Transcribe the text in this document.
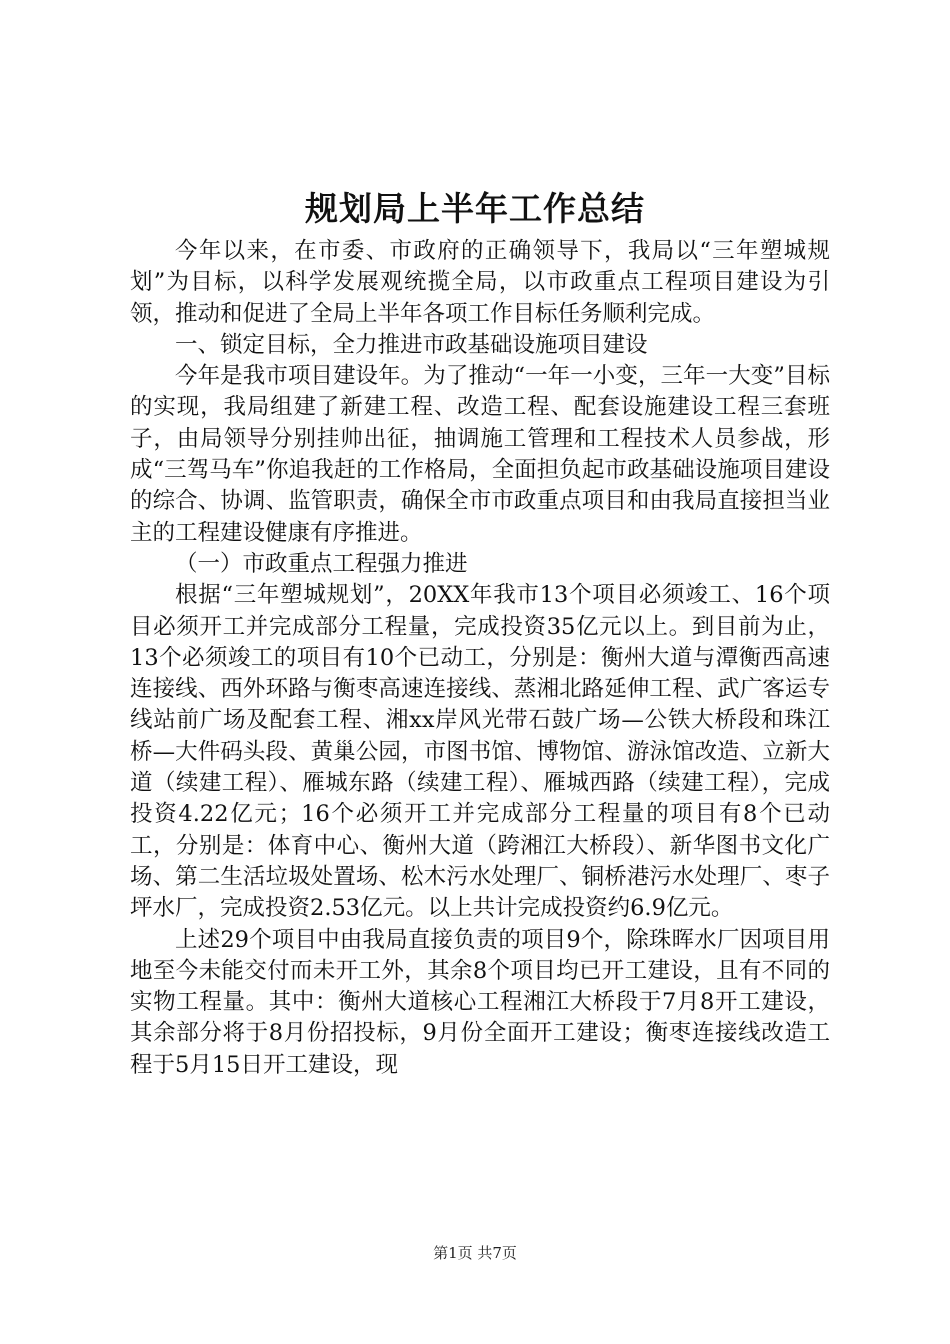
规划局上半年工作总结

今年以来，在市委、市政府的正确领导下，我局以“三年塑城规划”为目标，以科学发展观统揽全局，以市政重点工程项目建设为引领，推动和促进了全局上半年各项工作目标任务顺利完成。

一、锁定目标，全力推进市政基础设施项目建设

今年是我市项目建设年。为了推动“一年一小变，三年一大变”目标的实现，我局组建了新建工程、改造工程、配套设施建设工程三套班子，由局领导分别挂帅出征，抽调施工管理和工程技术人员参战，形成“三驾马车”你追我赶的工作格局，全面担负起市政基础设施项目建设的综合、协调、监管职责，确保全市市政重点项目和由我局直接担当业主的工程建设健康有序推进。

（一）市政重点工程强力推进

根据“三年塑城规划”，20XX年我市13个项目必须竣工、16个项目必须开工并完成部分工程量，完成投资35亿元以上。到目前为止，13个必须竣工的项目有10个已动工，分别是：衡州大道与潭衡西高速连接线、西外环路与衡枣高速连接线、蒸湘北路延伸工程、武广客运专线站前广场及配套工程、湘xx岸风光带石鼓广场—公铁大桥段和珠江桥—大件码头段、黄巢公园，市图书馆、博物馆、游泳馆改造、立新大道（续建工程）、雁城东路（续建工程）、雁城西路（续建工程），完成投资4.22亿元；16个必须开工并完成部分工程量的项目有8个已动工，分别是：体育中心、衡州大道（跨湘江大桥段）、新华图书文化广场、第二生活垃圾处置场、松木污水处理厂、铜桥港污水处理厂、枣子坪水厂，完成投资2.53亿元。以上共计完成投资约6.9亿元。

上述29个项目中由我局直接负责的项目9个，除珠晖水厂因项目用地至今未能交付而未开工外，其余8个项目均已开工建设，且有不同的实物工程量。其中：衡州大道核心工程湘江大桥段于7月8开工建设，其余部分将于8月份招投标，9月份全面开工建设；衡枣连接线改造工程于5月15日开工建设，现

第1页 共7页
